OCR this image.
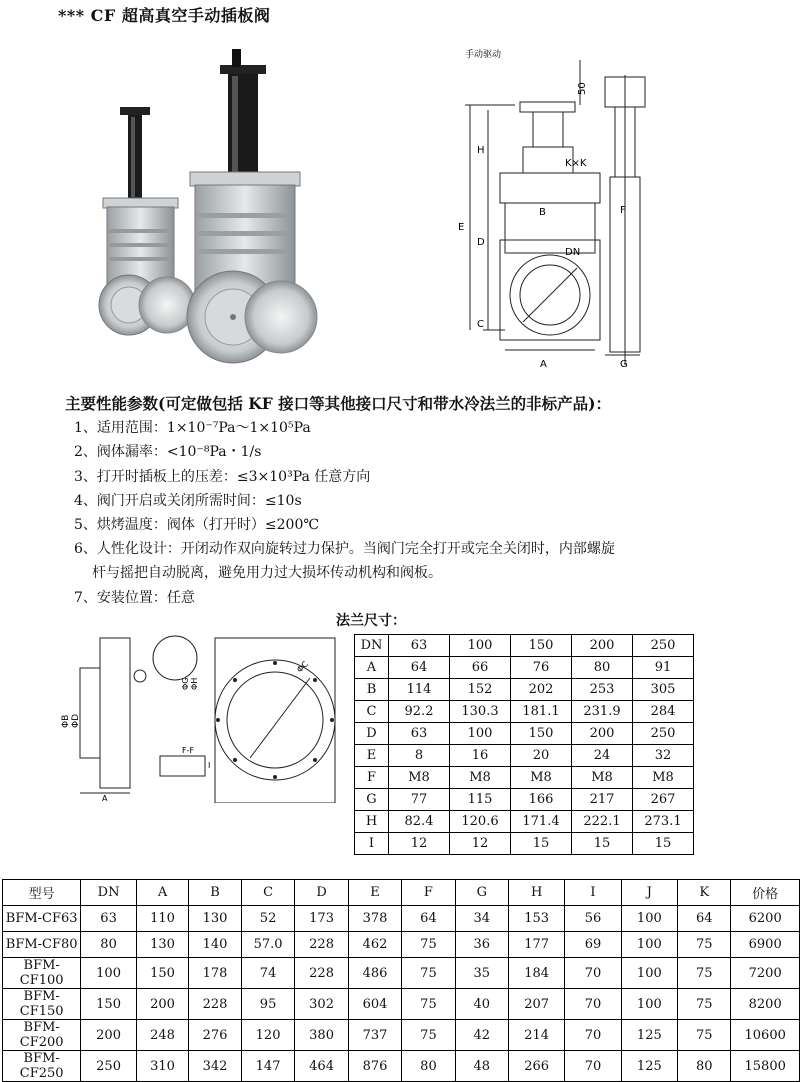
*** CF 超高真空手动插板阀
手动驱动
50
H
E
D
C
K×K
B	F
DN
A	G
主要性能参数(可定做包括 KF 接口等其他接口尺寸和带水冷法兰的非标产品)：
1、适用范围：1×10⁻⁷Pa～1×10⁵Pa
2、阀体漏率：<10⁻⁸Pa・1/s
3、打开时插板上的压差：≤3×10³Pa 任意方向
4、阀门开启或关闭所需时间：≤10s
5、烘烤温度：阀体（打开时）≤200℃
6、人性化设计：开闭动作双向旋转过力保护。当阀门完全打开或完全关闭时，内部螺旋
杆与摇把自动脱离，避免用力过大损坏传动机构和阀板。
7、安装位置：任意
ΦB ΦD
ΦG ΦH
ΦC
F-F
A
I
法兰尺寸：
DN	63	100	150	200	250
A	64	66	76	80	91
B	114	152	202	253	305
C	92.2	130.3	181.1	231.9	284
D	63	100	150	200	250
E	8	16	20	24	32
F	M8	M8	M8	M8	M8
G	77	115	166	217	267
H	82.4	120.6	171.4	222.1	273.1
I	12	12	15	15	15
型号	DN	A	B	C	D	E	F	G	H	I	J	K	价格
BFM-CF63	63	110	130	52	173	378	64	34	153	56	100	64	6200
BFM-CF80	80	130	140	57.0	228	462	75	36	177	69	100	75	6900
BFM-CF100	100	150	178	74	228	486	75	35	184	70	100	75	7200
BFM-CF150	150	200	228	95	302	604	75	40	207	70	100	75	8200
BFM-CF200	200	248	276	120	380	737	75	42	214	70	125	75	10600
BFM-CF250	250	310	342	147	464	876	80	48	266	70	125	80	15800
